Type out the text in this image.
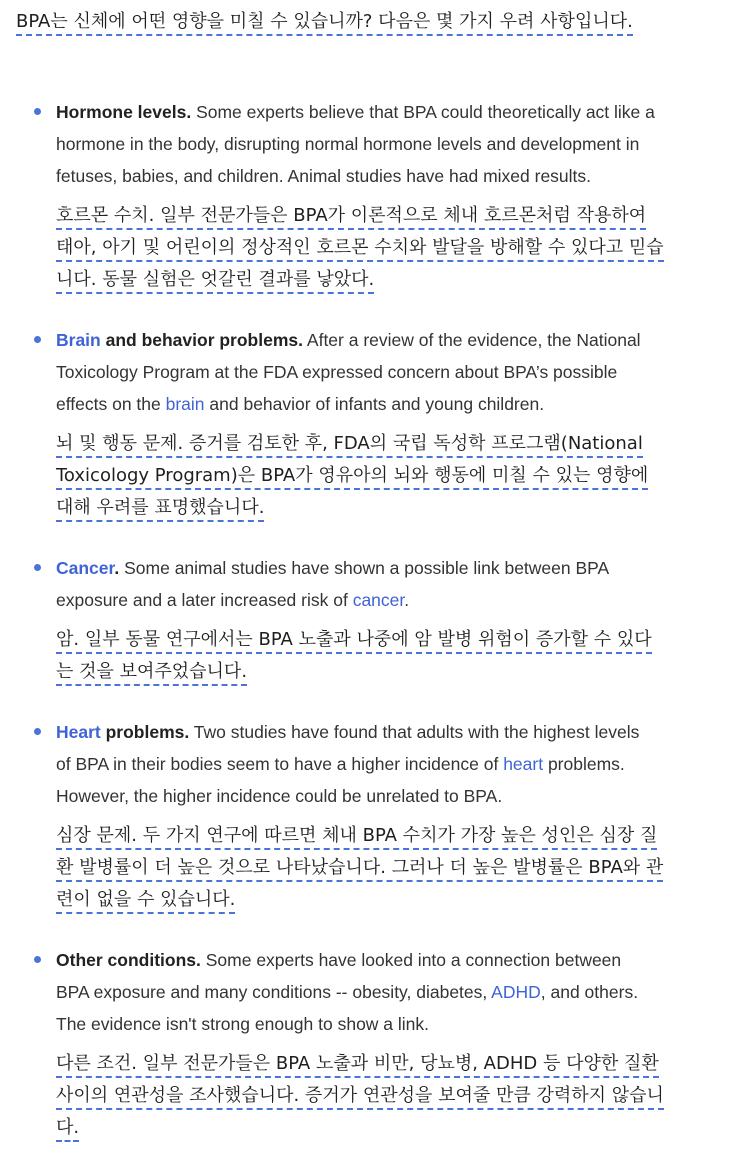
BPA는 신체에 어떤 영향을 미칠 수 있습니까? 다음은 몇 가지 우려 사항입니다.
Hormone levels. Some experts believe that BPA could theoretically act like a hormone in the body, disrupting normal hormone levels and development in fetuses, babies, and children. Animal studies have had mixed results.
호르몬 수치. 일부 전문가들은 BPA가 이론적으로 체내 호르몬처럼 작용하여 태아, 아기 및 어린이의 정상적인 호르몬 수치와 발달을 방해할 수 있다고 믿습니다. 동물 실험은 엇갈린 결과를 낳았다.
Brain and behavior problems. After a review of the evidence, the National Toxicology Program at the FDA expressed concern about BPA’s possible effects on the brain and behavior of infants and young children.
뇌 및 행동 문제. 증거를 검토한 후, FDA의 국립 독성학 프로그램(National Toxicology Program)은 BPA가 영유아의 뇌와 행동에 미칠 수 있는 영향에 대해 우려를 표명했습니다.
Cancer. Some animal studies have shown a possible link between BPA exposure and a later increased risk of cancer.
암. 일부 동물 연구에서는 BPA 노출과 나중에 암 발병 위험이 증가할 수 있다는 것을 보여주었습니다.
Heart problems. Two studies have found that adults with the highest levels of BPA in their bodies seem to have a higher incidence of heart problems. However, the higher incidence could be unrelated to BPA.
심장 문제. 두 가지 연구에 따르면 체내 BPA 수치가 가장 높은 성인은 심장 질환 발병률이 더 높은 것으로 나타났습니다. 그러나 더 높은 발병률은 BPA와 관련이 없을 수 있습니다.
Other conditions. Some experts have looked into a connection between BPA exposure and many conditions -- obesity, diabetes, ADHD, and others. The evidence isn't strong enough to show a link.
다른 조건. 일부 전문가들은 BPA 노출과 비만, 당뇨병, ADHD 등 다양한 질환 사이의 연관성을 조사했습니다. 증거가 연관성을 보여줄 만큼 강력하지 않습니다.
